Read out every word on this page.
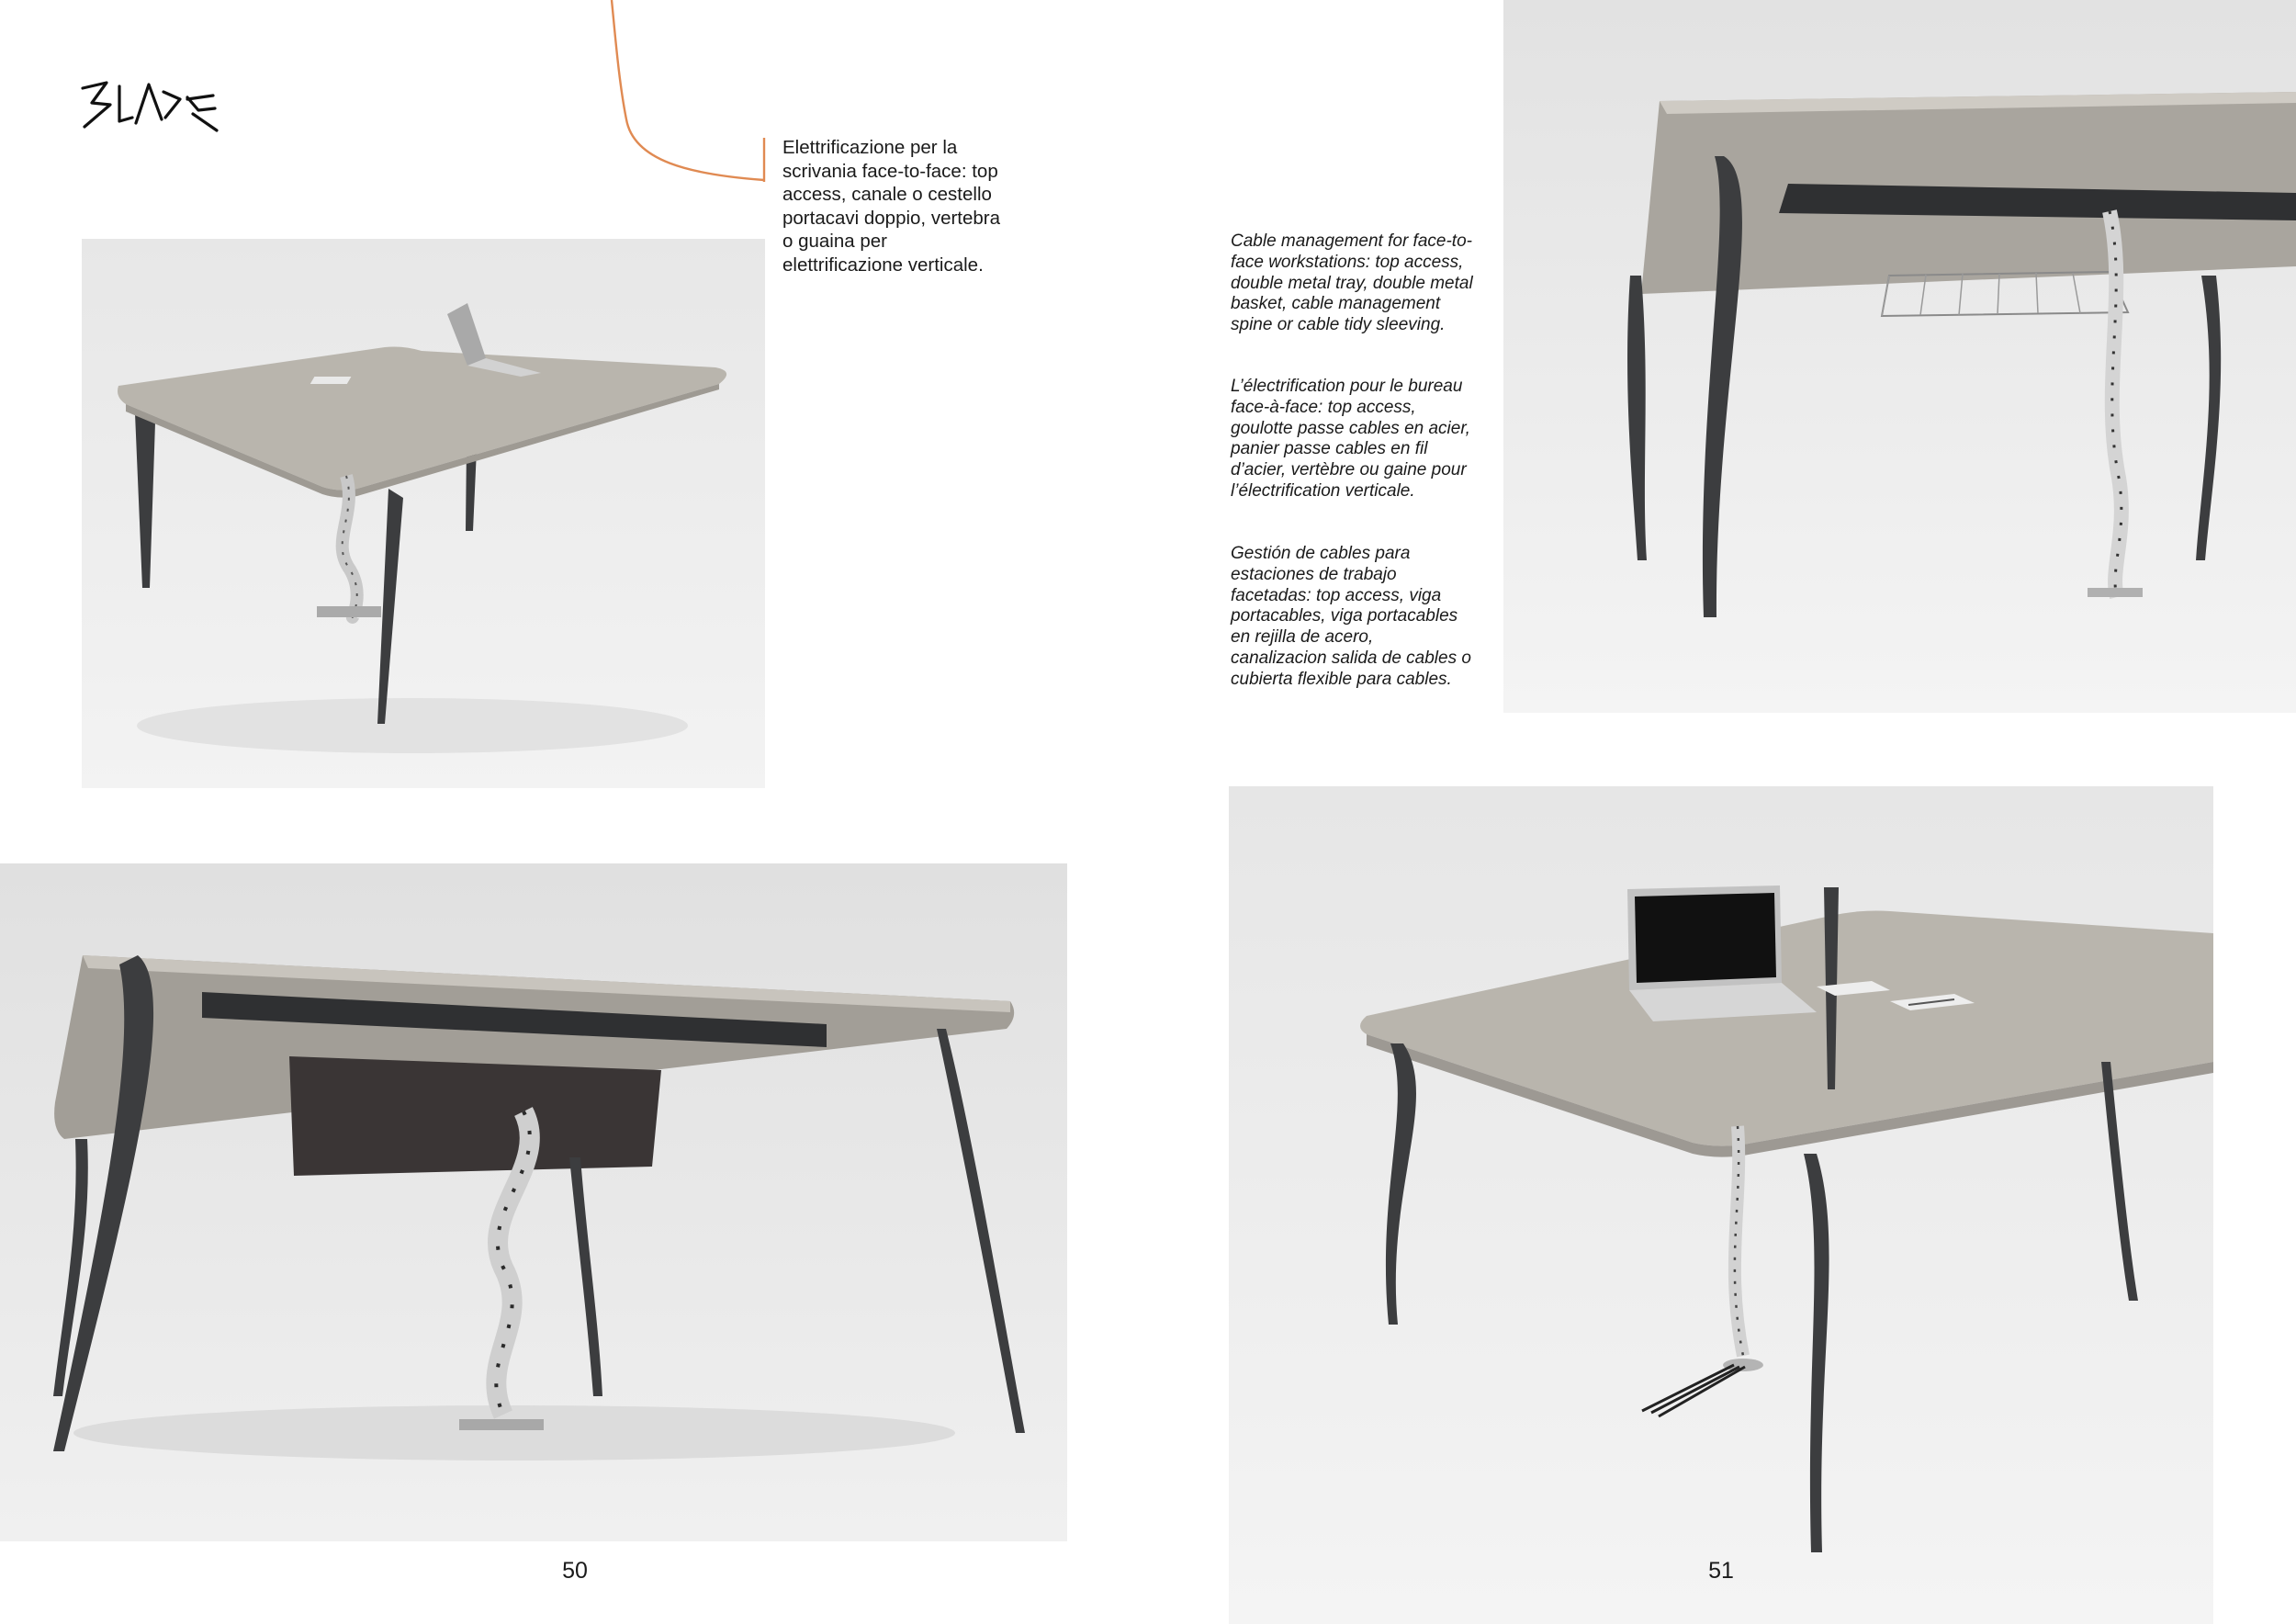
Elettrificazione per la scrivania face-to-face: top access, canale o cestello portacavi doppio, vertebra o guaina per elettrificazione verticale.
Cable management for face-to-face workstations: top access, double metal tray, double metal basket, cable management spine or cable tidy sleeving.
L’électrification pour le bureau face-à-face: top access, goulotte passe cables en acier, panier passe cables en fil d’acier, vertèbre ou gaine pour l’électrification verticale.
Gestión de cables para estaciones de trabajo facetadas: top access, viga portacables, viga portacables en rejilla de acero, canalizacion salida de cables o cubierta flexible para cables.
50	51
